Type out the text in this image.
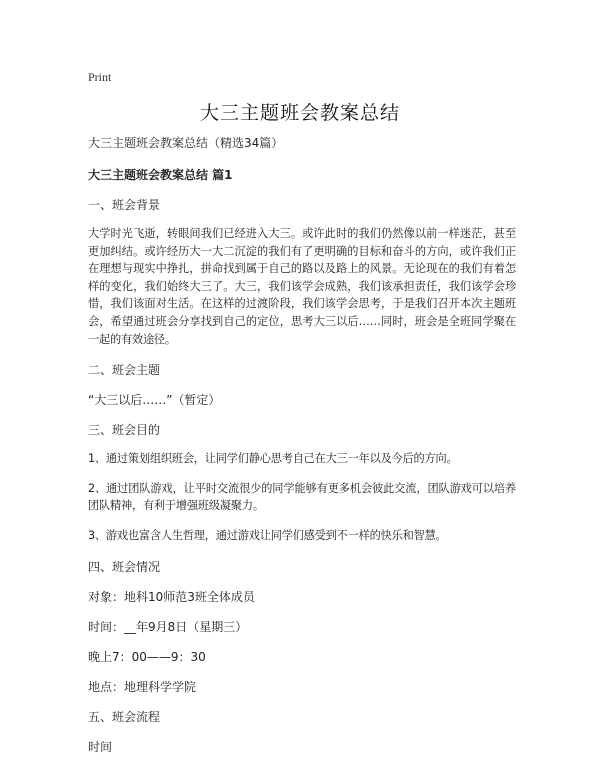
Print
大三主题班会教案总结

大三主题班会教案总结（精选34篇）

大三主题班会教案总结 篇1

一、班会背景

大学时光飞逝，转眼间我们已经进入大三。或许此时的我们仍然像以前一样迷茫，甚至更加纠结。或许经历大一大二沉淀的我们有了更明确的目标和奋斗的方向，或许我们正在理想与现实中挣扎，拼命找到属于自己的路以及路上的风景。无论现在的我们有着怎样的变化，我们始终大三了。大三，我们该学会成熟，我们该承担责任，我们该学会珍惜，我们该面对生活。在这样的过渡阶段，我们该学会思考，于是我们召开本次主题班会，希望通过班会分享找到自己的定位，思考大三以后……同时，班会是全班同学聚在一起的有效途径。

二、班会主题

“大三以后……”（暂定）

三、班会目的

1、通过策划组织班会，让同学们静心思考自己在大三一年以及今后的方向。

2、通过团队游戏，让平时交流很少的同学能够有更多机会彼此交流，团队游戏可以培养团队精神，有利于增强班级凝聚力。

3、游戏也富含人生哲理，通过游戏让同学们感受到不一样的快乐和智慧。

四、班会情况

对象：地科10师范3班全体成员

时间：__年9月8日（星期三）

晚上7：00——9：30

地点：地理科学学院

五、班会流程

时间
